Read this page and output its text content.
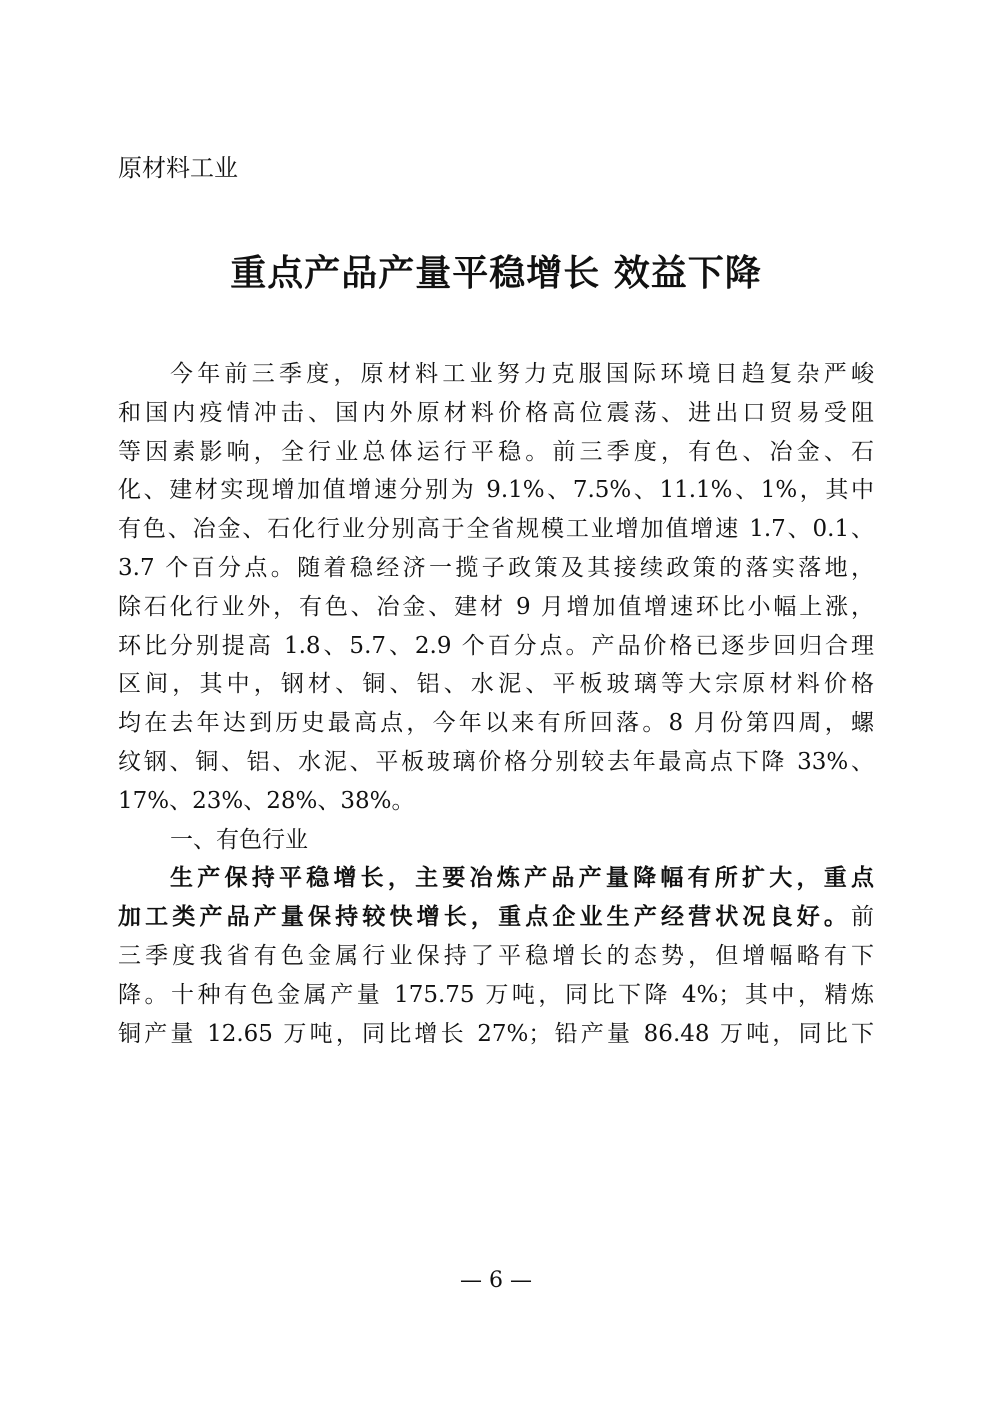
原材料工业
重点产品产量平稳增长 效益下降
今年前三季度，原材料工业努力克服国际环境日趋复杂严峻
和国内疫情冲击、国内外原材料价格高位震荡、进出口贸易受阻
等因素影响，全行业总体运行平稳。前三季度，有色、冶金、石
化、建材实现增加值增速分别为 9.1%、7.5%、11.1%、1%，其中
有色、冶金、石化行业分别高于全省规模工业增加值增速 1.7、0.1、
3.7 个百分点。随着稳经济一揽子政策及其接续政策的落实落地，
除石化行业外，有色、冶金、建材 9 月增加值增速环比小幅上涨，
环比分别提高 1.8、5.7、2.9 个百分点。产品价格已逐步回归合理
区间，其中，钢材、铜、铝、水泥、平板玻璃等大宗原材料价格
均在去年达到历史最高点，今年以来有所回落。8 月份第四周，螺
纹钢、铜、铝、水泥、平板玻璃价格分别较去年最高点下降 33%、
17%、23%、28%、38%。
一、有色行业
生产保持平稳增长，主要冶炼产品产量降幅有所扩大，重点
加工类产品产量保持较快增长，重点企业生产经营状况良好。前
三季度我省有色金属行业保持了平稳增长的态势，但增幅略有下
降。十种有色金属产量 175.75 万吨，同比下降 4%；其中，精炼
铜产量 12.65 万吨，同比增长 27%；铅产量 86.48 万吨，同比下
— 6 —
